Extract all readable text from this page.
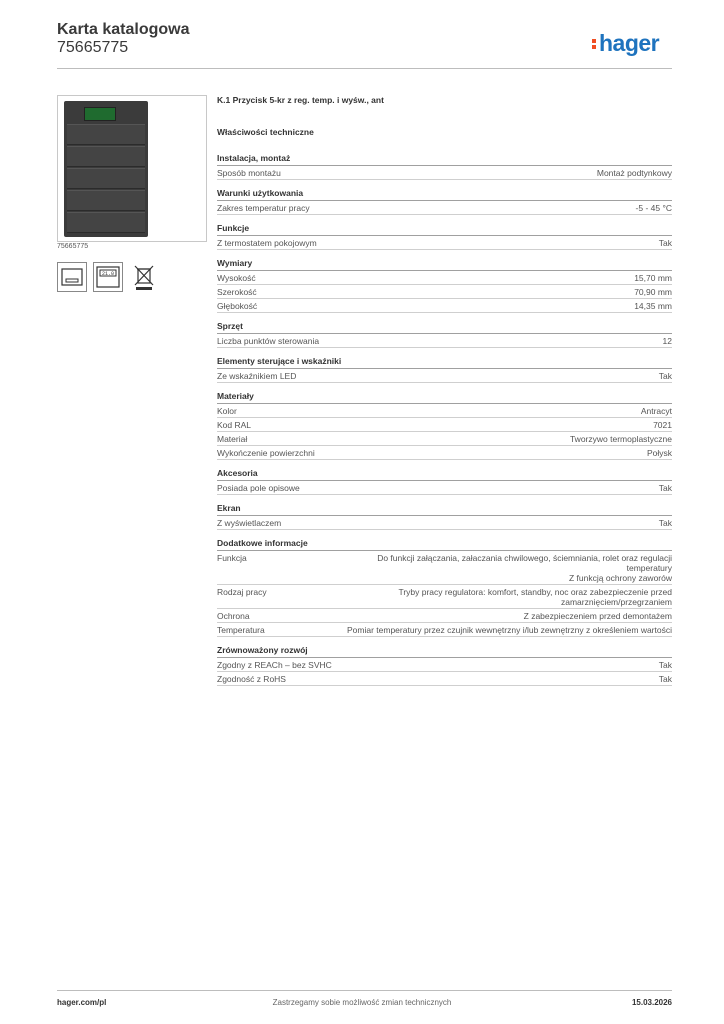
Karta katalogowa
75665775	hager
75665775
21.0
K.1 Przycisk 5-kr z reg. temp. i wyśw., ant
Właściwości techniczne
Instalacja, montaż
Sposób montażu	Montaż podtynkowy
Warunki użytkowania
Zakres temperatur pracy	-5 - 45 °C
Funkcje
Z termostatem pokojowym	Tak
Wymiary
Wysokość	15,70 mm
Szerokość	70,90 mm
Głębokość	14,35 mm
Sprzęt
Liczba punktów sterowania	12
Elementy sterujące i wskaźniki
Ze wskaźnikiem LED	Tak
Materiały
Kolor	Antracyt
Kod RAL	7021
Materiał	Tworzywo termoplastyczne
Wykończenie powierzchni	Połysk
Akcesoria
Posiada pole opisowe	Tak
Ekran
Z wyświetlaczem	Tak
Dodatkowe informacje
Funkcja	Do funkcji załączania, załaczania chwilowego, ściemniania, rolet oraz regulacji temperatury
Z funkcją ochrony zaworów
Rodzaj pracy	Tryby pracy regulatora: komfort, standby, noc oraz zabezpieczenie przed zamarznięciem/przegrzaniem
Ochrona	Z zabezpieczeniem przed demontażem
Temperatura	Pomiar temperatury przez czujnik wewnętrzny i/lub zewnętrzny z określeniem wartości
Zrównoważony rozwój
Zgodny z REACh – bez SVHC	Tak
Zgodność z RoHS	Tak
hager.com/pl	Zastrzegamy sobie możliwość zmian technicznych	15.03.2026
